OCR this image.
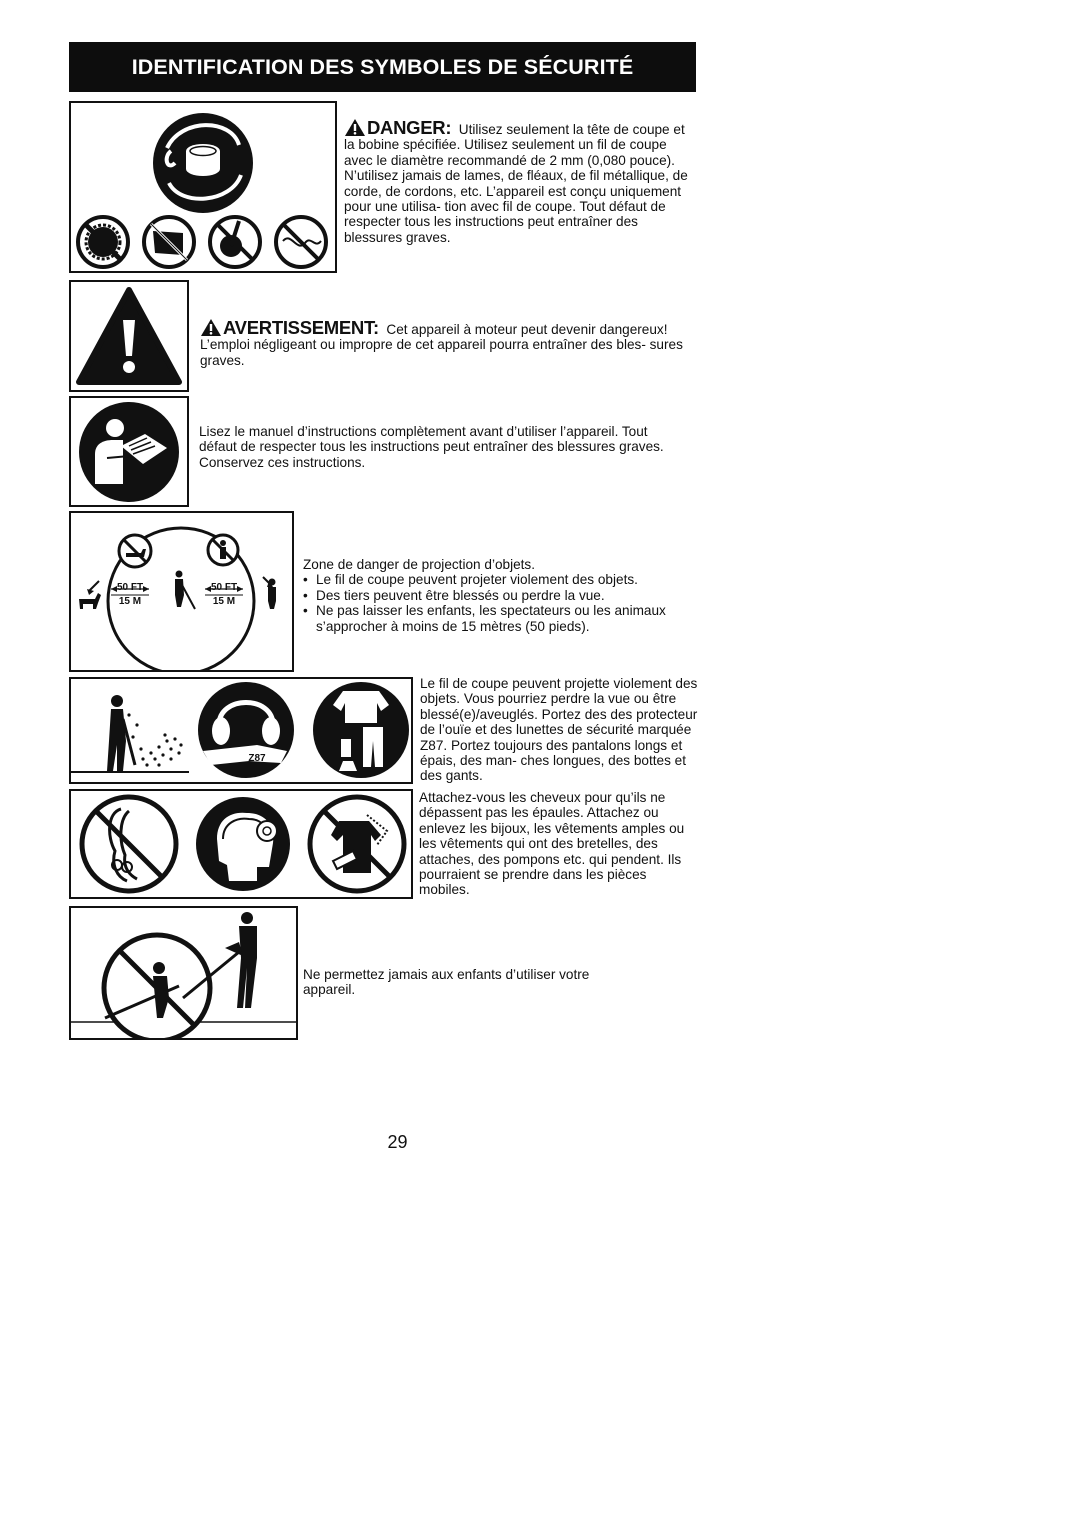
IDENTIFICATION DES SYMBOLES DE SÉCURITÉ

DANGER: Utilisez seulement la tête de coupe et la bobine spécifiée. Utilisez seulement un fil de coupe avec le diamètre recommandé de 2 mm (0,080 pouce). N’utilisez jamais de lames, de fléaux, de fil métallique, de corde, de cordons, etc. L’appareil est conçu uniquement pour une utilisa- tion avec fil de coupe. Tout défaut de respecter tous les instructions peut entraîner des blessures graves.

AVERTISSEMENT: Cet appareil à moteur peut devenir dangereux! L’emploi négligeant ou impropre de cet appareil pourra entraîner des bles- sures graves.

Lisez le manuel d’instructions complètement avant d’utiliser l’appareil. Tout défaut de respecter tous les instructions peut entraîner des blessures graves. Conservez ces instructions.

50 FT
15 M
50 FT
15 M

Zone de danger de projection d’objets.

• Le fil de coupe peuvent projeter violement des objets.
• Des tiers peuvent être blessés ou perdre la vue.
• Ne pas laisser les enfants, les spectateurs ou les animaux s’approcher à moins de 15 mètres (50 pieds).
Z87

Le fil de coupe peuvent projette violement des objets. Vous pourriez perdre la vue ou être blessé(e)/aveuglés. Portez des des protecteur de l’ouïe et des lunettes de sécurité marquée Z87. Portez toujours des pantalons longs et épais, des man- ches longues, des bottes et des gants.

Attachez-vous les cheveux pour qu’ils ne dépassent pas les épaules. Attachez ou enlevez les bijoux, les vêtements amples ou les vêtements qui ont des bretelles, des attaches, des pompons etc. qui pendent. Ils pourraient se prendre dans les pièces mobiles.

Ne permettez jamais aux enfants d’utiliser votre appareil.

29
